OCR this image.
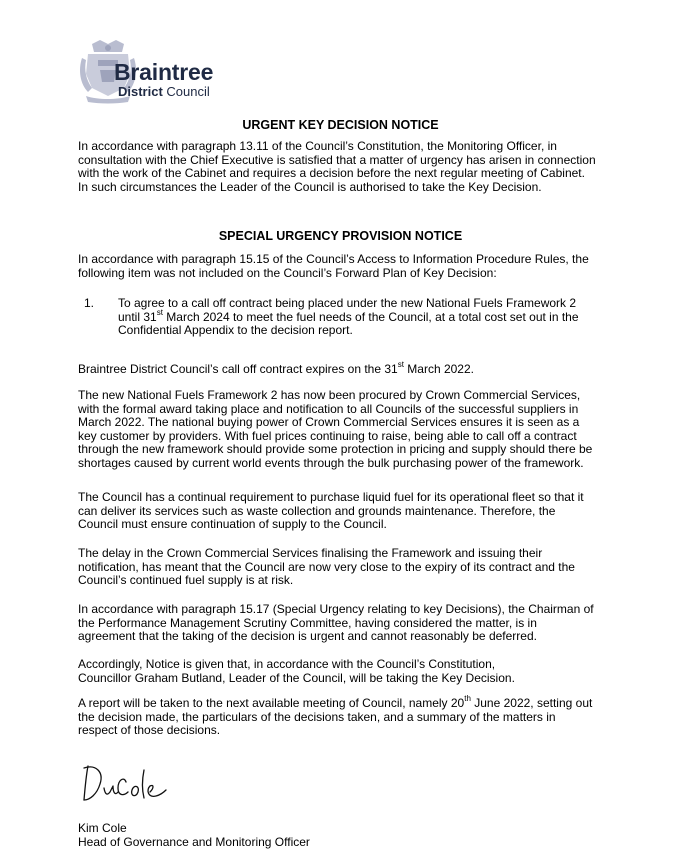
Braintree
District Council
URGENT KEY DECISION NOTICE
In accordance with paragraph 13.11 of the Council’s Constitution, the Monitoring Officer, in
consultation with the Chief Executive is satisfied that a matter of urgency has arisen in connection
with the work of the Cabinet and requires a decision before the next regular meeting of Cabinet.
In such circumstances the Leader of the Council is authorised to take the Key Decision.
SPECIAL URGENCY PROVISION NOTICE
In accordance with paragraph 15.15 of the Council’s Access to Information Procedure Rules, the
following item was not included on the Council’s Forward Plan of Key Decision:
1. To agree to a call off contract being placed under the new National Fuels Framework 2
until 31st March 2024 to meet the fuel needs of the Council, at a total cost set out in the
Confidential Appendix to the decision report.
Braintree District Council’s call off contract expires on the 31st March 2022.
The new National Fuels Framework 2 has now been procured by Crown Commercial Services,
with the formal award taking place and notification to all Councils of the successful suppliers in
March 2022. The national buying power of Crown Commercial Services ensures it is seen as a
key customer by providers. With fuel prices continuing to raise, being able to call off a contract
through the new framework should provide some protection in pricing and supply should there be
shortages caused by current world events through the bulk purchasing power of the framework.
The Council has a continual requirement to purchase liquid fuel for its operational fleet so that it
can deliver its services such as waste collection and grounds maintenance. Therefore, the
Council must ensure continuation of supply to the Council.
The delay in the Crown Commercial Services finalising the Framework and issuing their
notification, has meant that the Council are now very close to the expiry of its contract and the
Council’s continued fuel supply is at risk.
In accordance with paragraph 15.17 (Special Urgency relating to key Decisions), the Chairman of
the Performance Management Scrutiny Committee, having considered the matter, is in
agreement that the taking of the decision is urgent and cannot reasonably be deferred.
Accordingly, Notice is given that, in accordance with the Council’s Constitution,
Councillor Graham Butland, Leader of the Council, will be taking the Key Decision.
A report will be taken to the next available meeting of Council, namely 20th June 2022, setting out
the decision made, the particulars of the decisions taken, and a summary of the matters in
respect of those decisions.
Kim Cole
Head of Governance and Monitoring Officer
